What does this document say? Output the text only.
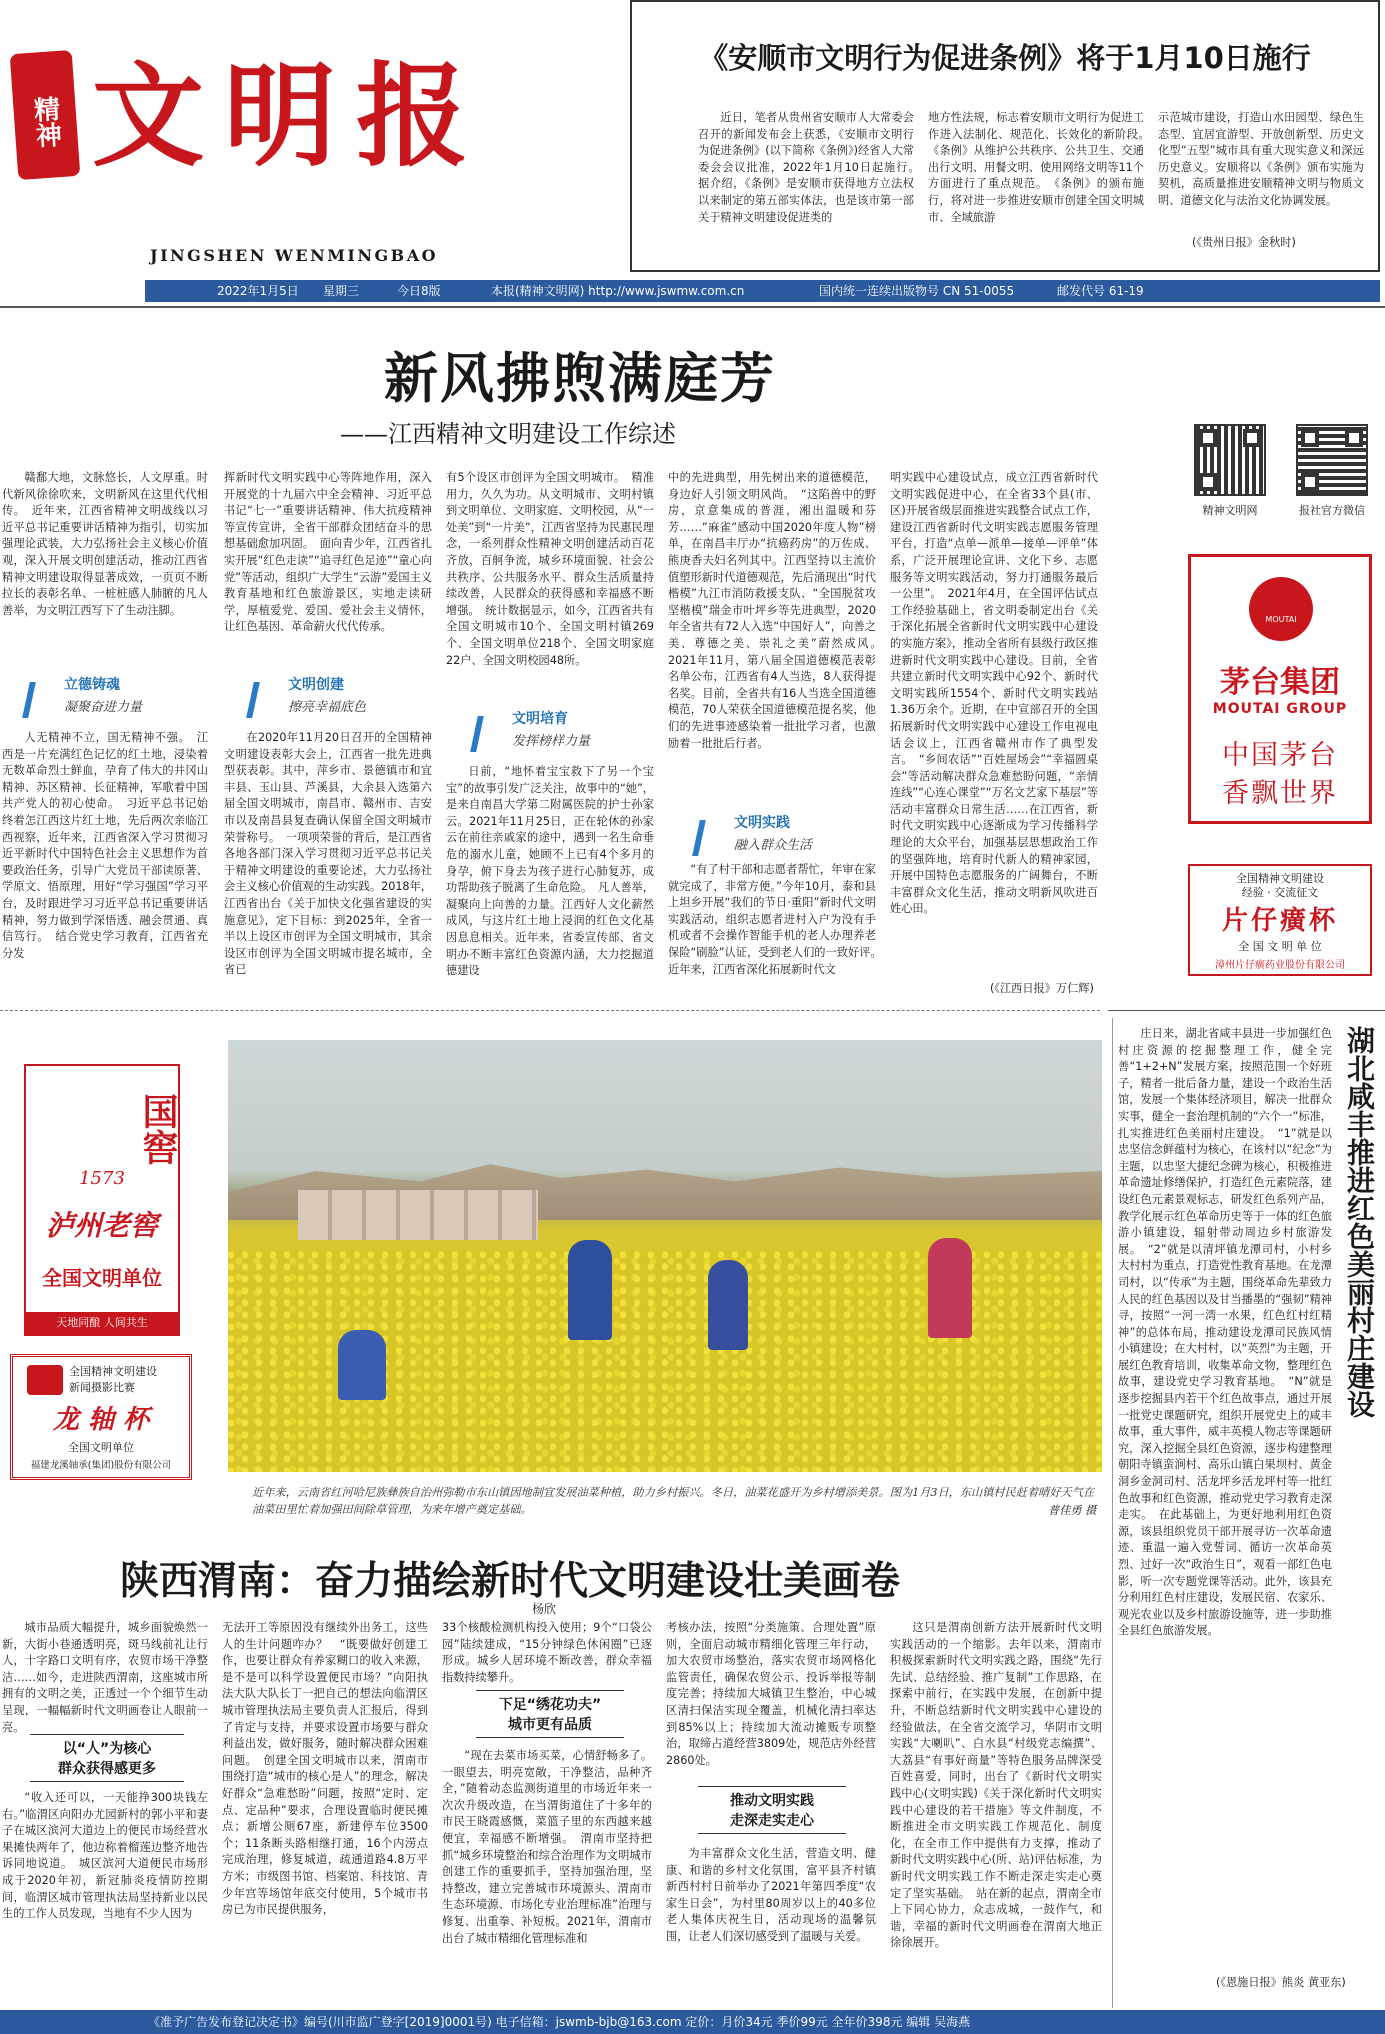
精神 文明报
JINGSHEN WENMINGBAO
《安顺市文明行为促进条例》将于1月10日施行
近日，笔者从贵州省安顺市人大常委会召开的新闻发布会上获悉，《安顺市文明行为促进条例》(以下简称《条例》)经省人大常委会会议批准，2022年1月10日起施行。　据介绍，《条例》是安顺市获得地方立法权以来制定的第五部实体法，也是该市第一部关于精神文明建设促进类的
地方性法规，标志着安顺市文明行为促进工作进入法制化、规范化、长效化的新阶段。　《条例》从维护公共秩序、公共卫生、交通出行文明、用餐文明、使用网络文明等11个方面进行了重点规范。　《条例》的颁布施行，将对进一步推进安顺市创建全国文明城市、全域旅游
示范城市建设，打造山水田园型、绿色生态型、宜居宜游型、开放创新型、历史文化型“五型”城市具有重大现实意义和深远历史意义。安顺将以《条例》颁布实施为契机，高质量推进安顺精神文明与物质文明、道德文化与法治文化协调发展。
(《贵州日报》金秋时)
2022年1月5日 星期三	今日8版	本报(精神文明网) http://www.jswmw.com.cn	国内统一连续出版物号 CN 51-0055	邮发代号 61-19
新风拂煦满庭芳
——江西精神文明建设工作综述
赣鄱大地，文脉悠长，人文厚重。时代新风徐徐吹来，文明新风在这里代代相传。　近年来，江西省精神文明战线以习近平总书记重要讲话精神为指引，切实加强理论武装，大力弘扬社会主义核心价值观，深入开展文明创建活动，推动江西省精神文明建设取得显著成效，一页页不断拉长的表彰名单、一桩桩感人肺腑的凡人善举，为文明江西写下了生动注脚。
立德铸魂
凝聚奋进力量
人无精神不立，国无精神不强。　江西是一片充满红色记忆的红土地，浸染着无数革命烈士鲜血，孕育了伟大的井冈山精神、苏区精神、长征精神，军歌着中国共产党人的初心使命。　习近平总书记始终着怎江西这片红土地，先后两次亲临江西视察，近年来，江西省深入学习贯彻习近平新时代中国特色社会主义思想作为首要政治任务，引导广大党员干部读原著、学原文、悟原理，用好“学习强国”学习平台，及时跟进学习习近平总书记重要讲话精神，努力做到学深悟透、融会贯通、真信笃行。　结合党史学习教育，江西省充分发
挥新时代文明实践中心等阵地作用，深入开展党的十九届六中全会精神、习近平总书记“七一”重要讲话精神、伟大抗疫精神等宣传宣讲，全省干部群众团结奋斗的思想基础愈加巩固。　面向青少年，江西省扎实开展“红色走读”“追寻红色足迹”“童心向党”等活动，组织广大学生“云游”爱国主义教育基地和红色旅游景区，实地走读研学，厚植爱党、爱国、爱社会主义情怀，让红色基因、革命薪火代代传承。
文明创建
擦亮幸福底色
在2020年11月20日召开的全国精神文明建设表彰大会上，江西省一批先进典型获表彰。其中，萍乡市、景德镇市和宜丰县、玉山县、芦溪县，大余县入选第六届全国文明城市，南昌市、赣州市、吉安市以及南昌县复查确认保留全国文明城市荣誉称号。　一项项荣誉的背后，是江西省各地各部门深入学习贯彻习近平总书记关于精神文明建设的重要论述，大力弘扬社会主义核心价值观的生动实践。2018年，江西省出台《关于加快文化强省建设的实施意见》，定下目标：到2025年，全省一半以上设区市创评为全国文明城市，其余设区市创评为全国文明城市提名城市，全省已
有5个设区市创评为全国文明城市。　精准用力，久久为功。从文明城市、文明村镇到文明单位、文明家庭、文明校园，从“一处美”到“一片美”，江西省坚持为民惠民理念，一系列群众性精神文明创建活动百花齐放，百舸争流，城乡环境面貌、社会公共秩序、公共服务水平、群众生活质量持续改善，人民群众的获得感和幸福感不断增强。　统计数据显示，如今，江西省共有全国文明城市10个、全国文明村镇269个、全国文明单位218个、全国文明家庭22户、全国文明校园48所。
文明培育
发挥榜样力量
日前，“地怀着宝宝救下了另一个宝宝”的故事引发广泛关注，故事中的“她”，是来自南昌大学第二附属医院的护士孙家云。2021年11月25日，正在轮休的孙家云在前往亲戚家的途中，遇到一名生命垂危的溺水儿童，她顾不上已有4个多月的身孕，俯下身去为孩子进行心肺复苏，成功帮助孩子脱离了生命危险。　凡人善举，凝聚向上向善的力量。江西好人文化薪然成风，与这片红土地上浸润的红色文化基因息息相关。近年来，省委宣传部、省文明办不断丰富红色资源内涵，大力挖掘道德建设
中的先进典型，用先树出来的道德模范，身边好人引领文明风尚。　“这陷兽中的野房，京意集成的普涯，湘出温暖和芬芳……”麻雀”感动中国2020年度人物”榜单，在南昌丰厅办“抗癌药房”的万佐成、熊庚香夫妇名列其中。江西坚持以主流价值塑形新时代道德观范，先后涌现出“时代楷模”九江市消防救援支队、“全国脱贫攻坚楷模”瑞金市叶坪乡等先进典型，2020年全省共有72人入选“中国好人”，向善之美、尊德之美、崇礼之美”蔚然成风。　2021年11月，第八届全国道德模范表彰名单公布，江西省有4人当选，8人获得提名奖。目前，全省共有16人当选全国道德模范，70人荣获全国道德模范提名奖，他们的先进事迹感染着一批批学习者，也激励着一批批后行者。
文明实践
融入群众生活
“有了村干部和志愿者帮忙，年审在家就完成了，非常方便。”今年10月，泰和县上坦乡开展“我们的节日·重阳”新时代文明实践活动，组织志愿者进村入户为没有手机或者不会操作智能手机的老人办理养老保险“刷脸”认证，受到老人们的一致好评。　近年来，江西省深化拓展新时代文
明实践中心建设试点，成立江西省新时代文明实践促进中心，在全省33个县(市、区)开展省级层面推进实践整合试点工作，建设江西省新时代文明实践志愿服务管理平台，打造“点单—派单—接单—评单”体系，广泛开展理论宣讲、文化下乡、志愿服务等文明实践活动，努力打通服务最后一公里”。　2021年4月，在全国评估试点工作经验基础上，省文明委制定出台《关于深化拓展全省新时代文明实践中心建设的实施方案》，推动全省所有县级行政区推进新时代文明实践中心建设。目前，全省共建立新时代文明实践中心92个、新时代文明实践所1554个、新时代文明实践站1.36万余个。近期，在中宣部召开的全国拓展新时代文明实践中心建设工作电视电话会议上，江西省赣州市作了典型发言。　“乡间农话”“百姓屋场会”“幸福圆桌会”等活动解决群众急难愁盼问题，“亲情连线”“心连心课堂”“万名文艺家下基层”等活动丰富群众日常生活……在江西省，新时代文明实践中心逐渐成为学习传播科学理论的大众平台，加强基层思想政治工作的坚强阵地，培育时代新人的精神家园，开展中国特色志愿服务的广阔舞台，不断丰富群众文化生活，推动文明新风吹进百姓心田。
(《江西日报》万仁辉)
精神文明网	报社官方微信
MOUTAI
茅台集团
MOUTAI GROUP
中国茅台
香飘世界
全国精神文明建设
经验 · 交流征文
片仔癀杯
全 国 文 明 单 位
漳州片仔癀药业股份有限公司
国窖
1573
泸州老窖
全国文明单位
天地同酿 人间共生
全国精神文明建设
新闻摄影比赛
龙 轴 杯
全国文明单位
福建龙溪轴承(集团)股份有限公司
近年来，云南省红河哈尼族彝族自治州弥勒市东山镇因地制宜发展油菜种植，助力乡村振兴。冬日，油菜花盛开为乡村增添美景。图为1月3日，东山镇村民赶着晴好天气在油菜田里忙着加强田间除草管理，为来年增产奠定基础。	普佳勇 摄
湖北咸丰推进红色美丽村庄建设
庄日来，湖北省咸丰县进一步加强红色村庄资源的挖掘整理工作，健全完善“1+2+N”发展方案，按照范围一个好班子，精者一批后备力量，建设一个政治生活馆，发展一个集体经济项目，解决一批群众实事，健全一套治理机制的“六个一”标准，扎实推进红色美丽村庄建设。　“1”就是以忠坚信念鲜蕴村为核心，在该村以“纪念”为主题，以忠坚大捷纪念碑为核心，积极推进革命遗址修缮保护，打造红色元素院落，建设红色元素景观标志，研发红色系列产品，教学化展示红色革命历史等于一体的红色旅游小镇建设，辐射带动周边乡村旅游发展。　“2”就是以清坪镇龙潭司村，小村乡大村村为重点，打造党性教育基地。在龙潭司村，以“传承”为主题，围绕革命先辈致力人民的红色基因以及甘当播墨的“强韧”精神寻，按照“一河一湾一水果，红色红村红精神”的总体布局，推动建设龙潭司民族风情小镇建设；在大村村，以“英烈”为主题，开展红色教育培训，收集革命文物，整理红色故事，建设党史学习教育基地。　“N”就是逐步挖掘县内若干个红色故事点，通过开展一批党史课题研究，组织开展党史上的咸丰故事，重大事件，威丰英模人物志等课题研究，深入挖掘全县红色资源，逐步构建整理朝阳寺镇蛮涧村、高乐山镇白果坝村、黄金洞乡金洞司村、活龙坪乡活龙坪村等一批红色故事和红色资源，推动党史学习教育走深走实。　在此基础上，为更好地利用红色资源，该县组织党员干部开展寻访一次革命遗迹、重温一遍入党誓词、循访一次革命英烈、过好一次“政治生日”，观看一部红色电影，听一次专题党课等活动。此外，该县充分利用红色村庄建设，发展民宿、农家乐、观光农业以及乡村旅游设施等，进一步助推全县红色旅游发展。
(《恩施日报》熊炎 黄亚东)
陕西渭南：奋力描绘新时代文明建设壮美画卷
杨欣
城市品质大幅提升，城乡面貌焕然一新，大街小巷通透明亮，斑马线前礼让行人，十字路口文明有序，农贸市场干净整洁……如今，走进陕西渭南，这座城市所拥有的文明之美，正透过一个个细节生动呈现，一幅幅新时代文明画卷让人眼前一亮。
以“人”为核心
群众获得感更多
“收入还可以，一天能挣300块钱左右。”临渭区向阳办尤园新村的郭小平和妻子在城区滨河大道边上的便民市场经营水果摊快两年了，他边称着榴莲边整齐地告诉同地说道。　城区滨河大道便民市场形成于2020年初，新冠肺炎疫情防控期间，临渭区城市管理执法局坚持新业以民生的工作人员发现，当地有不少人因为
无法开工等原因没有继续外出务工，这些人的生计问题咋办？　“既要做好创建工作，也要让群众有养家糊口的收入来源，是不是可以科学设置便民市场？”向阳执法大队大队长丁一把自己的想法向临渭区城市管理执法局主要负责人汇报后，得到了肯定与支持，并要求设置市场要与群众利益出发，做好服务，随时解决群众困难问题。　创建全国文明城市以来，渭南市围绕打造“城市的核心是人”的理念，解决好群众“急难愁盼”问题，按照“定时、定点、定品种”要求，合理设置临时便民摊点；新增公厕67座，新建停车位3500个；11条断头路相继打通，16个内涝点完成治理，修复城道，疏通道路4.8万平方米；市级图书馆、档案馆、科技馆、青少年宫等场馆年底交付使用，5个城市书房已为市民提供服务，
33个核酸检测机构投入使用；9个“口袋公园”陆续建成，“15分钟绿色休闲圈”已逐形成。城乡人居环境不断改善，群众幸福指数持续攀升。
下足“绣花功夫”
城市更有品质
“现在去菜市场买菜，心情舒畅多了。一眼望去，明亮宽敞，干净整洁，品种齐全，”随着动态监测街道里的市场近年来一次次升级改造，在当渭街道住了十多年的市民王晓霞感慨，菜篮子里的东西越来越便宜，幸福感不断增强。　渭南市坚持把抓“城乡环境整治和综合治理作为文明城市创建工作的重要抓手，坚持加强治理，坚持整改，建立完善城市环境源头、渭南市生态环境源、市场化专业治理标准”治理与修复、出重拳、补短板。2021年，渭南市出台了城市精细化管理标准和
考核办法，按照“分类施策、合理处置”原则，全面启动城市精细化管理三年行动，加大农贸市场整治，落实农贸市场网格化监管责任，确保农贸公示、投诉举报等制度完善；持续加大城镇卫生整治，中心城区清扫保洁实现全覆盖，机械化清扫率达到85%以上；持续加大流动摊贩专项整治，取缔占道经营3809处，规范店外经营2860处。
推动文明实践
走深走实走心
为丰富群众文化生活，营造文明、健康、和谐的乡村文化氛围，富平县齐村镇新西村村日前举办了2021年第四季度“农家生日会”，为村里80周岁以上的40多位老人集体庆祝生日，活动现场的温馨氛围，让老人们深切感受到了温暖与关爱。
这只是渭南创新方法开展新时代文明实践活动的一个缩影。去年以来，渭南市积极探索新时代文明实践之路，围绕“先行先试、总结经验、推广复制”工作思路，在探索中前行，在实践中发展，在创新中提升，不断总结新时代文明实践中心建设的经验做法，在全省交流学习，华阴市文明实践“大喇叭”、白水县“村级党志编撰”、大荔县“有事好商量”等特色服务品牌深受百姓喜爱，同时，出台了《新时代文明实践中心(文明实践)《关于深化新时代文明实践中心建设的若干措施》等文件制度，不断推进全市文明实践工作规范化、制度化，在全市工作中提供有力支撑，推动了新时代文明实践中心(所、站)评估标准，为新时代文明实践工作不断走深走实走心奠定了坚实基础。　站在新的起点，渭南全市上下同心协力，众志成城，一鼓作气，和谐，幸福的新时代文明画卷在渭南大地正徐徐展开。
《准予广告发布登记决定书》编号(川市监广登字[2019]0001号) 电子信箱：jswmb-bjb@163.com 定价：月价34元 季价99元 全年价398元 编辑 吴海燕
